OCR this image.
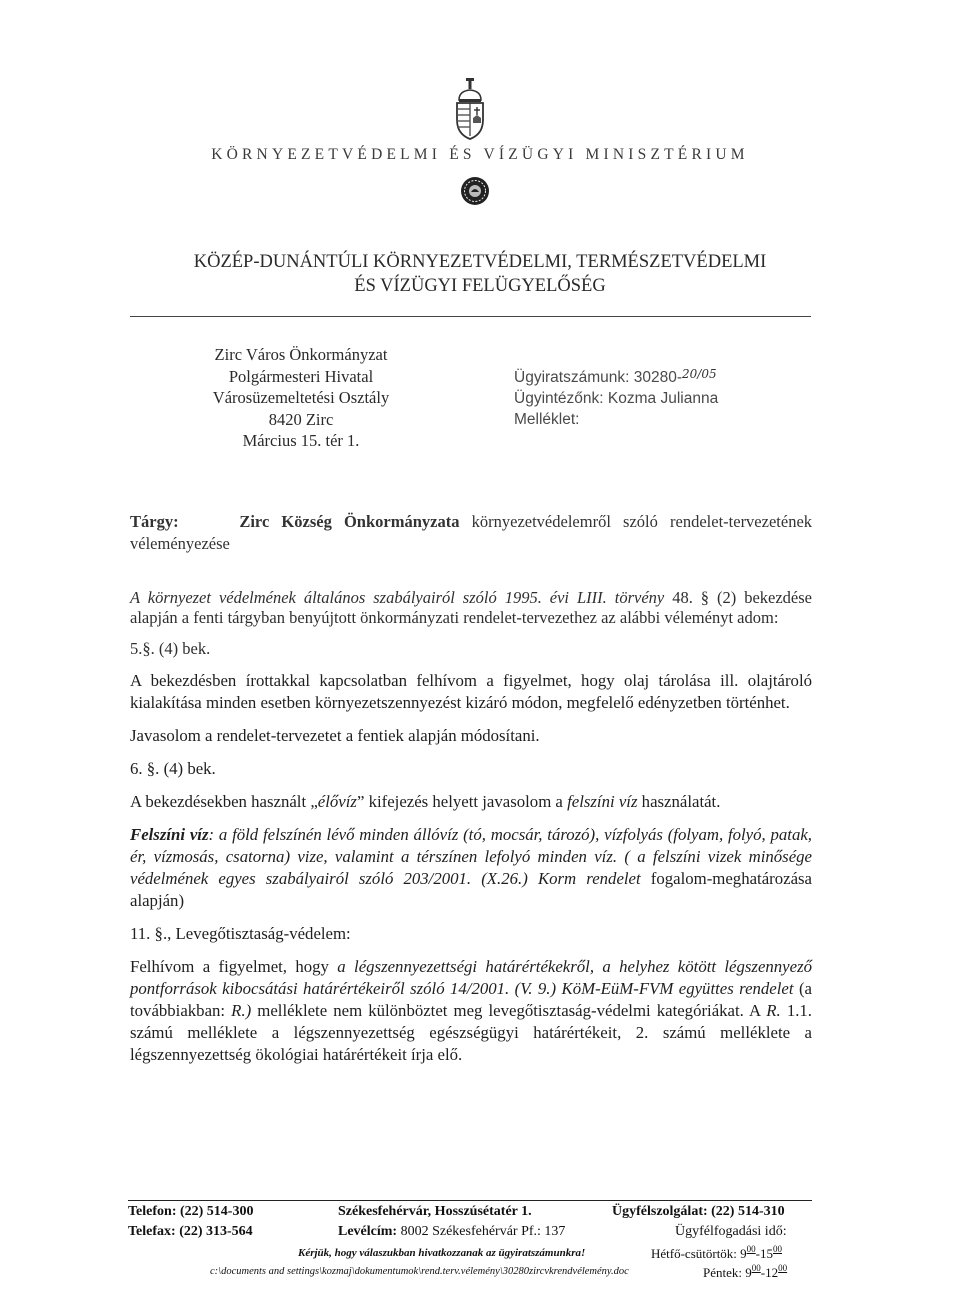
KÖRNYEZETVÉDELMI ÉS VÍZÜGYI MINISZTÉRIUM
KÖZÉP-DUNÁNTÚLI KÖRNYEZETVÉDELMI, TERMÉSZETVÉDELMI
ÉS VÍZÜGYI FELÜGYELŐSÉG
Zirc Város Önkormányzat
Polgármesteri Hivatal
Városüzemeltetési Osztály
8420 Zirc
Március 15. tér 1.
Ügyiratszámunk: 30280-$^{20/05}$
Ügyintézőnk: Kozma Julianna
Melléklet:
Tárgy:	Zirc Község Önkormányzata környezetvédelemről szóló rendelet-tervezetének véleményezése

A környezet védelmének általános szabályairól szóló 1995. évi LIII. törvény 48. § (2) bekezdése alapján a fenti tárgyban benyújtott önkormányzati rendelet-tervezethez az alábbi véleményt adom:

5.§. (4) bek.

A bekezdésben írottakkal kapcsolatban felhívom a figyelmet, hogy olaj tárolása ill. olajtároló kialakítása minden esetben környezetszennyezést kizáró módon, megfelelő edényzetben történhet.

Javasolom a rendelet-tervezetet a fentiek alapján módosítani.

6. §. (4) bek.

A bekezdésekben használt „élővíz” kifejezés helyett javasolom a felszíni víz használatát.

Felszíni víz: a föld felszínén lévő minden állóvíz (tó, mocsár, tározó), vízfolyás (folyam, folyó, patak, ér, vízmosás, csatorna) vize, valamint a térszínen lefolyó minden víz. ( a felszíni vizek minősége védelmének egyes szabályairól szóló 203/2001. (X.26.) Korm rendelet fogalom-meghatározása alapján)

11. §., Levegőtisztaság-védelem:

Felhívom a figyelmet, hogy a légszennyezettségi határértékekről, a helyhez kötött légszennyező pontforrások kibocsátási határértékeiről szóló 14/2001. (V. 9.) KöM-EüM-FVM együttes rendelet (a továbbiakban: R.) melléklete nem különböztet meg levegőtisztaság-védelmi kategóriákat. A R. 1.1. számú melléklete a légszennyezettség egészségügyi határértékeit, 2. számú melléklete a légszennyezettség ökológiai határértékeit írja elő.

Telefon: (22) 514-300	Székesfehérvár, Hosszúsétatér 1.	Ügyfélszolgálat: (22) 514-310
Telefax: (22) 313-564	Levélcím: 8002 Székesfehérvár Pf.: 137	Ügyfélfogadási idő:
Kérjük, hogy válaszukban hivatkozzanak az ügyiratszámunkra!	Hétfő-csütörtök: $9^{00}-15^{00}$
c:\documents and settings\kozmaj\dokumentumok\rend.terv.vélemény\30280zircvkrendvélemény.doc	Péntek: $9^{00}-12^{00}$
